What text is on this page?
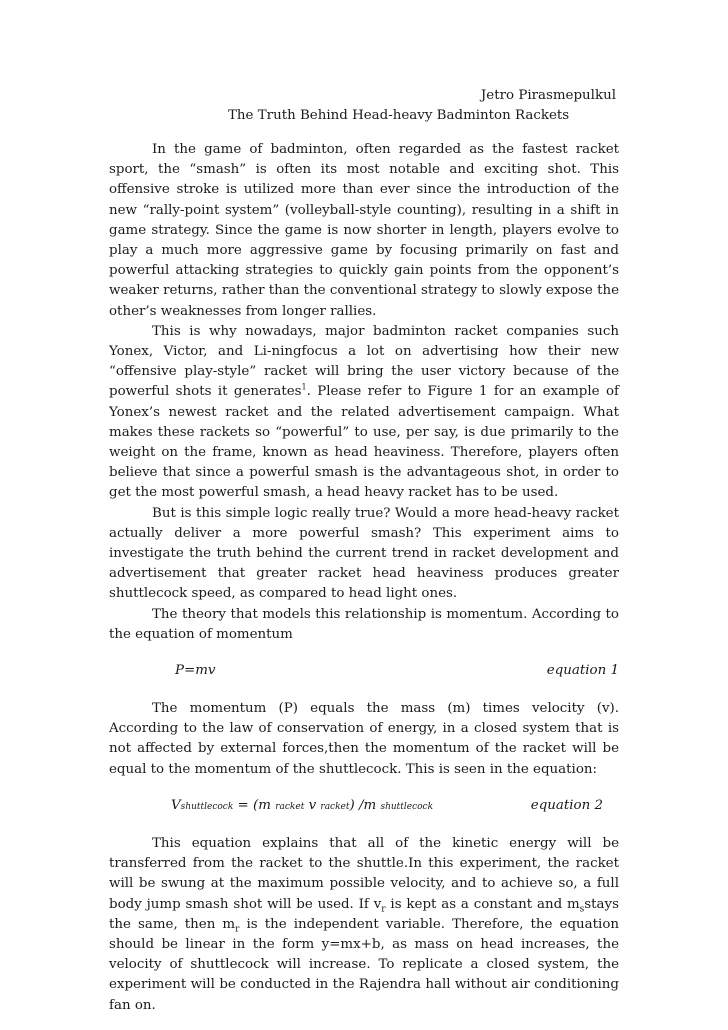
Jetro Pirasmepulkul
The Truth Behind Head-heavy Badminton Rackets

In the game of badminton, often regarded as the fastest racket sport, the “smash” is often its most notable and exciting shot. This offensive stroke is utilized more than ever since the introduction of the new “rally-point system” (volleyball-style counting), resulting in a shift in game strategy. Since the game is now shorter in length, players evolve to play a much more aggressive game by focusing primarily on fast and powerful attacking strategies to quickly gain points from the opponent’s weaker returns, rather than the conventional strategy to slowly expose the other’s weaknesses from longer rallies.

This is why nowadays, major badminton racket companies such Yonex, Victor, and Li-ningfocus a lot on advertising how their new “offensive play-style” racket will bring the user victory because of the powerful shots it generates$^1$. Please refer to Figure 1 for an example of Yonex’s newest racket and the related advertisement campaign. What makes these rackets so “powerful” to use, per say, is due primarily to the weight on the frame, known as head heaviness. Therefore, players often believe that since a powerful smash is the advantageous shot, in order to get the most powerful smash, a head heavy racket has to be used.

But is this simple logic really true? Would a more head-heavy racket actually deliver a more powerful smash? This experiment aims to investigate the truth behind the current trend in racket development and advertisement that greater racket head heaviness produces greater shuttlecock speed, as compared to head light ones.

The theory that models this relationship is momentum. According to the equation of momentum

P=mv	equation 1

The momentum (P) equals the mass (m) times velocity (v). According to the law of conservation of energy, in a closed system that is not affected by external forces,then the momentum of the racket will be equal to the momentum of the shuttlecock. This is seen in the equation:

Vshuttlecock = (m racket v racket) /m shuttlecock	equation 2

This equation explains that all of the kinetic energy will be transferred from the racket to the shuttle.In this experiment, the racket will be swung at the maximum possible velocity, and to achieve so, a full body jump smash shot will be used. If $v_r$ is kept as a constant and $m_sstays$ the same, then $m_r$ is the independent variable. Therefore, the equation should be linear in the form y=mx+b, as mass on head increases, the velocity of shuttlecock will increase. To replicate a closed system, the experiment will be conducted in the Rajendra hall without air conditioning fan on.
